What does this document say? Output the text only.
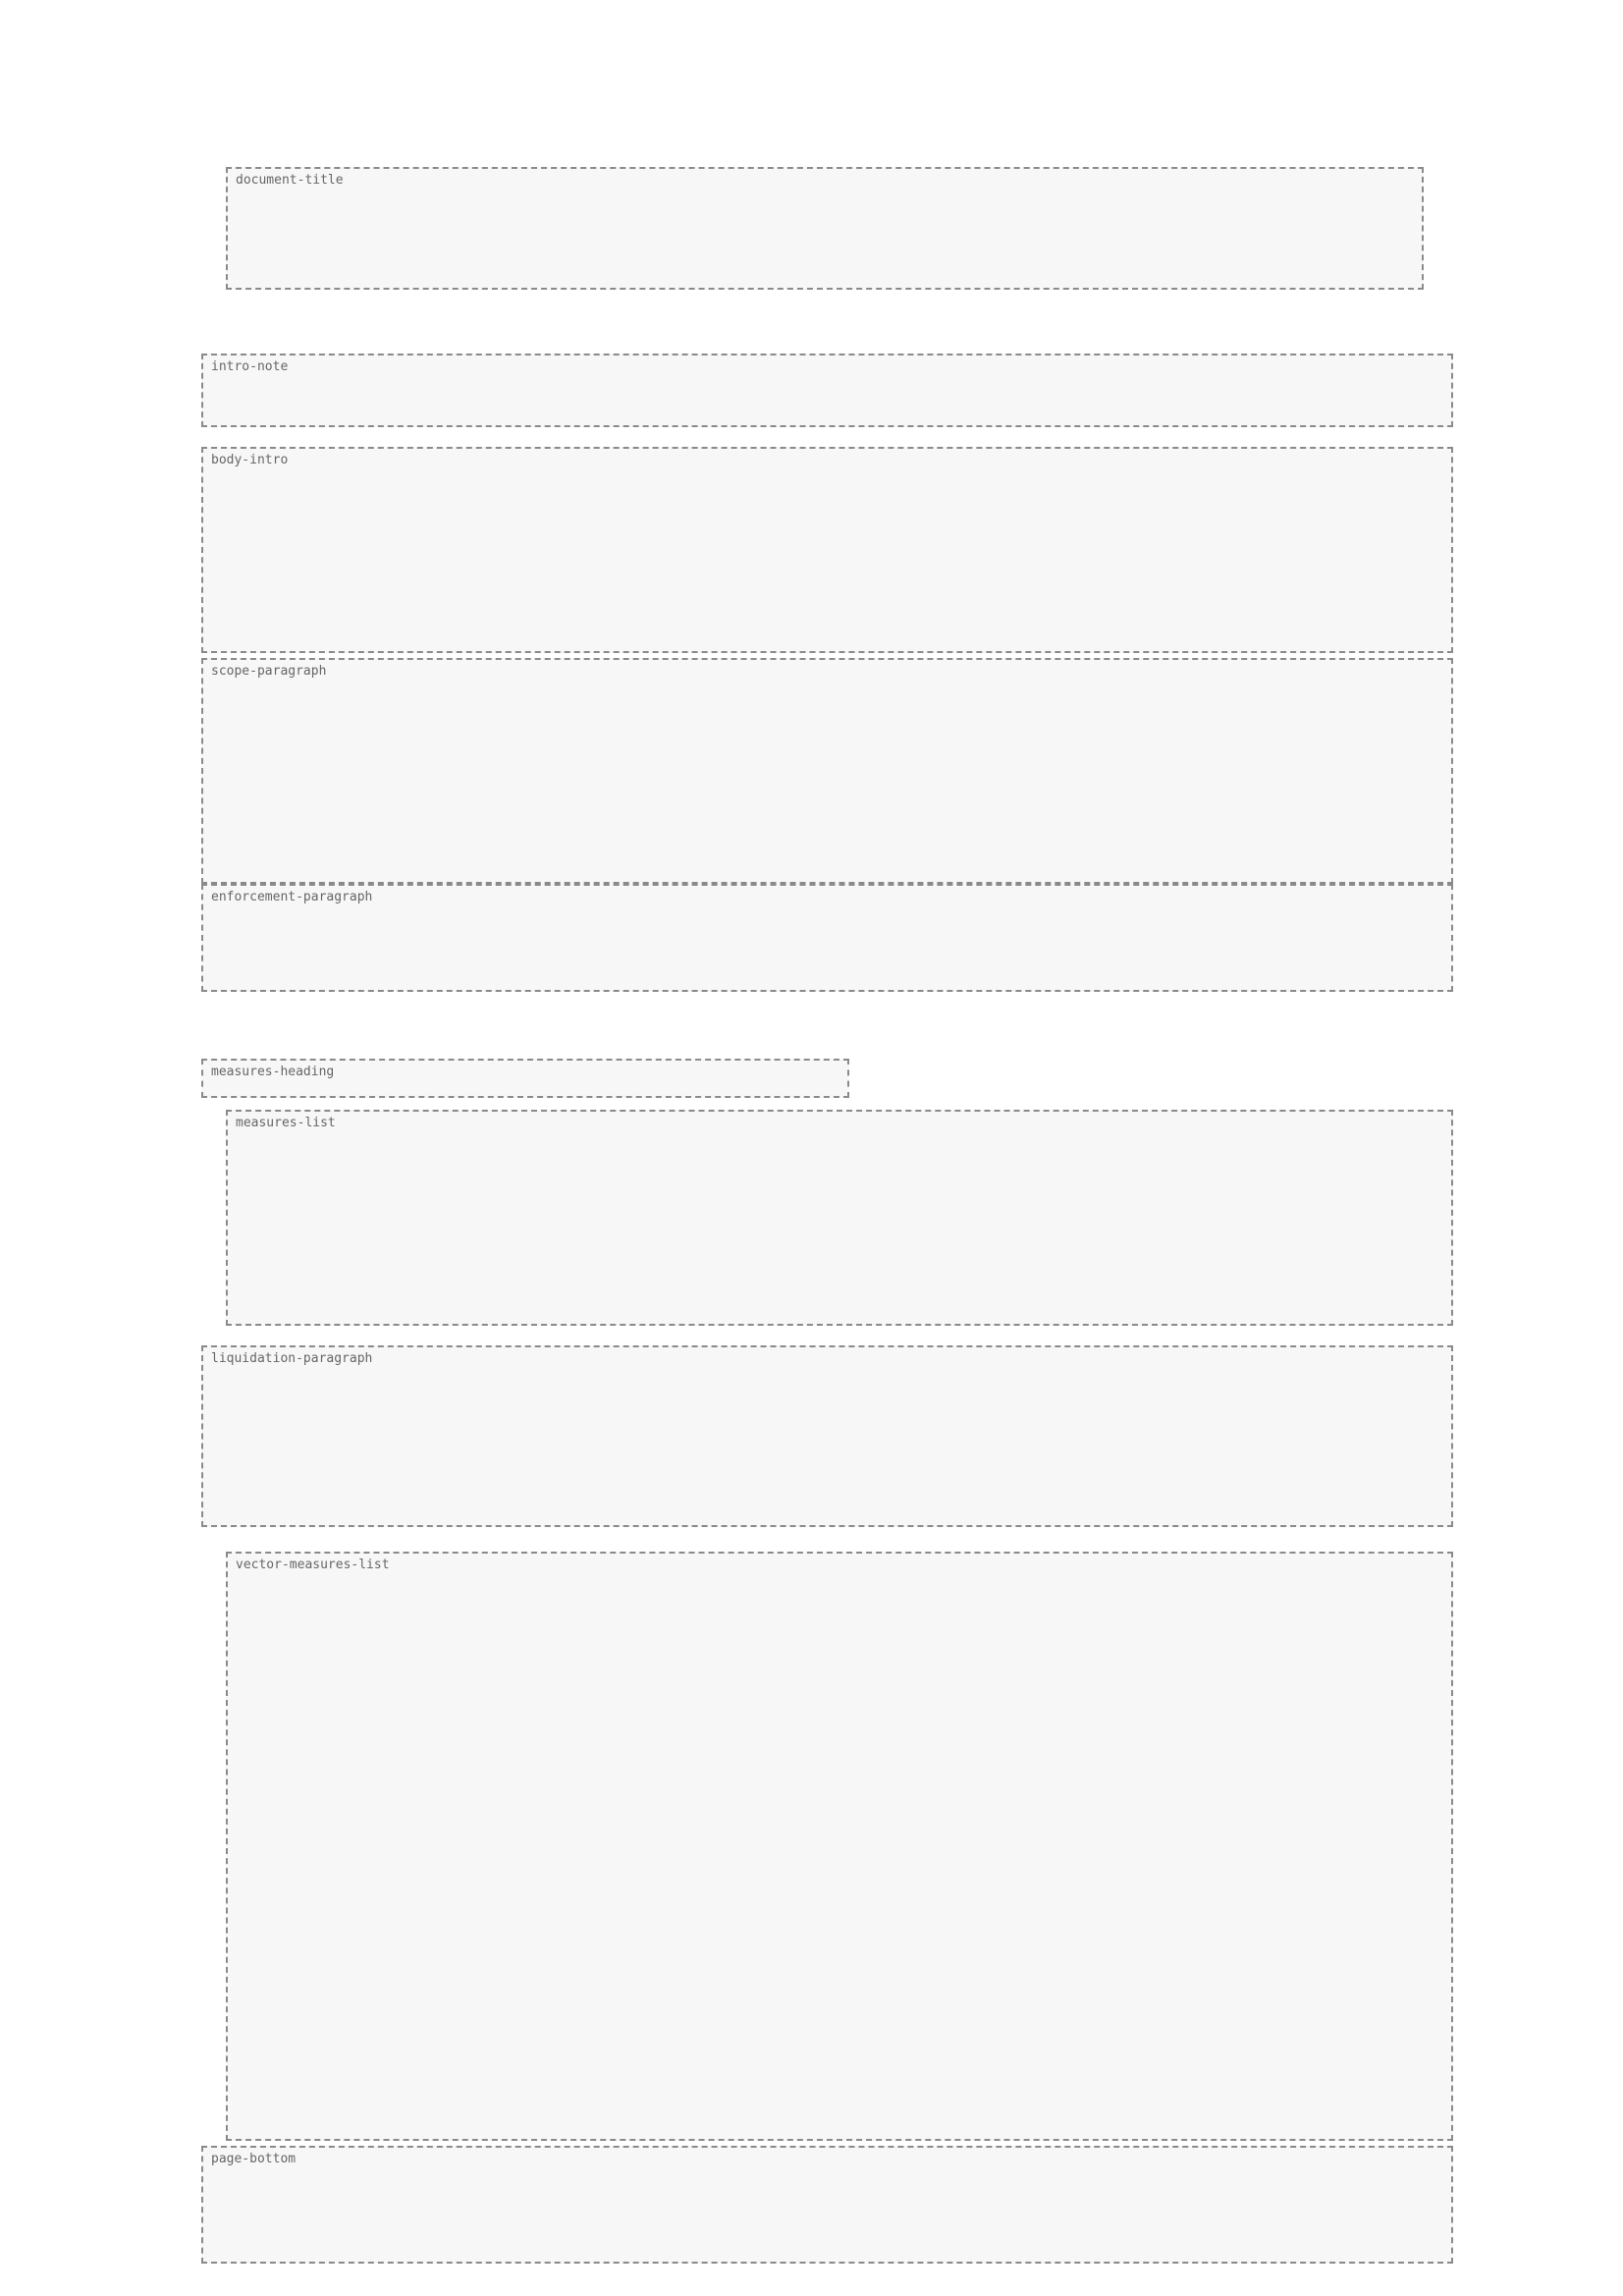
document-title
intro-note
body-intro
scope-paragraph
enforcement-paragraph
measures-heading
measures-list
liquidation-paragraph
vector-measures-list
page-bottom
